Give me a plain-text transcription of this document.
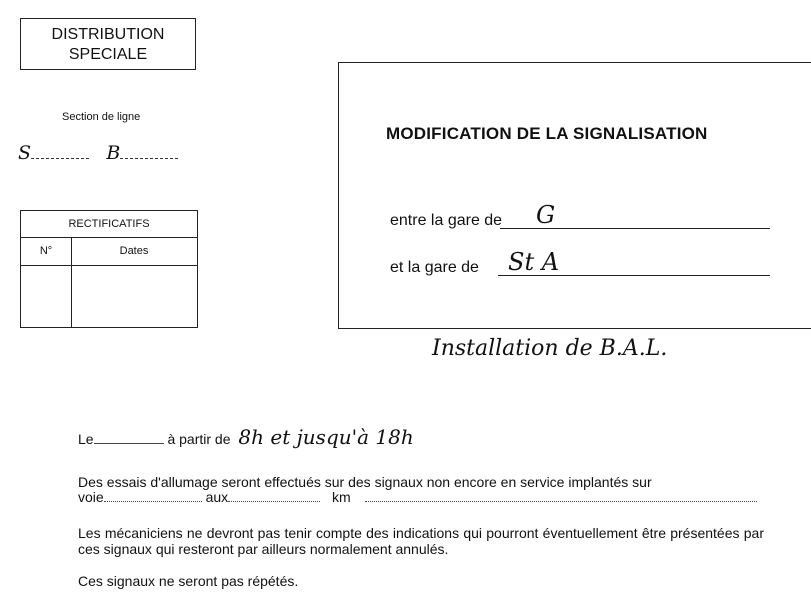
DISTRIBUTION
SPECIALE
Section de ligne
S	B
RECTIFICATIFS
N°	Dates
MODIFICATION DE LA SIGNALISATION
entre la gare de G
et la gare de St A
Installation de B.A.L.
Le	à partir de 8h et jusqu'à 18h
Des essais d'allumage seront effectués sur des signaux non encore en service implantés sur
voie	aux	km
Les mécaniciens ne devront pas tenir compte des indications qui pourront éventuellement être présentées par ces signaux qui resteront par ailleurs normalement annulés.
Ces signaux ne seront pas répétés.
